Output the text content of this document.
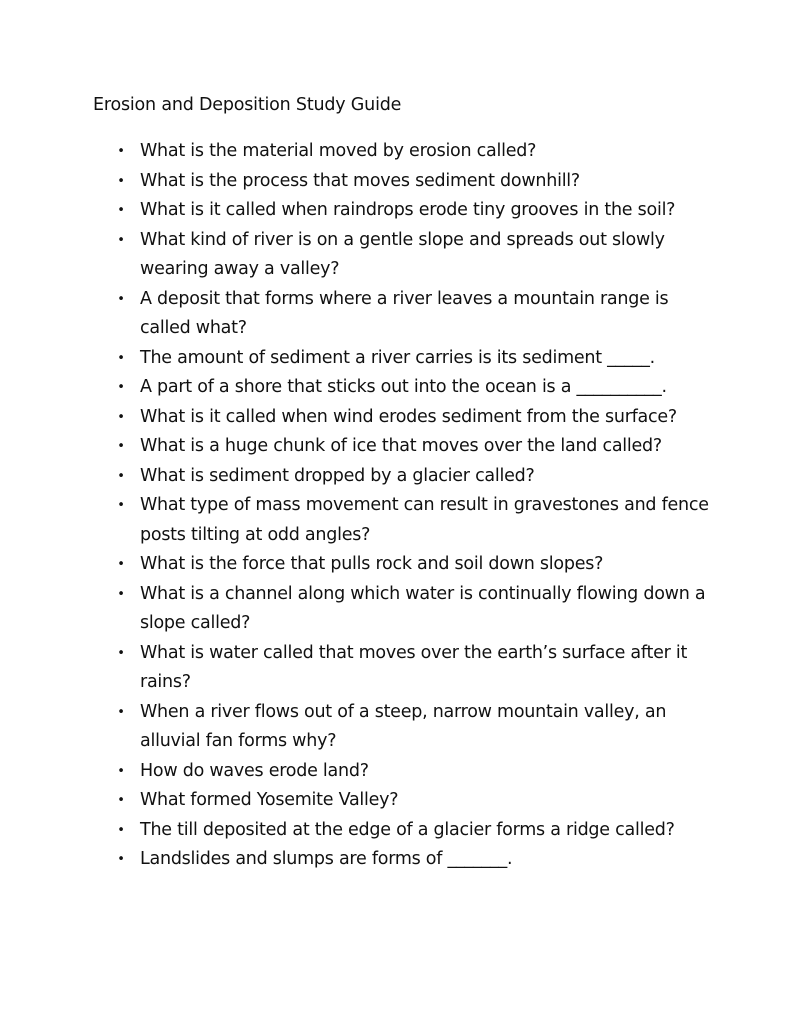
Erosion and Deposition Study Guide
• What is the material moved by erosion called?
• What is the process that moves sediment downhill?
• What is it called when raindrops erode tiny grooves in the soil?
• What kind of river is on a gentle slope and spreads out slowly wearing away a valley?
• A deposit that forms where a river leaves a mountain range is called what?
• The amount of sediment a river carries is its sediment _____.
• A part of a shore that sticks out into the ocean is a __________.
• What is it called when wind erodes sediment from the surface?
• What is a huge chunk of ice that moves over the land called?
• What is sediment dropped by a glacier called?
• What type of mass movement can result in gravestones and fence posts tilting at odd angles?
• What is the force that pulls rock and soil down slopes?
• What is a channel along which water is continually flowing down a slope called?
• What is water called that moves over the earth’s surface after it rains?
• When a river flows out of a steep, narrow mountain valley, an alluvial fan forms why?
• How do waves erode land?
• What formed Yosemite Valley?
• The till deposited at the edge of a glacier forms a ridge called?
• Landslides and slumps are forms of _______.
